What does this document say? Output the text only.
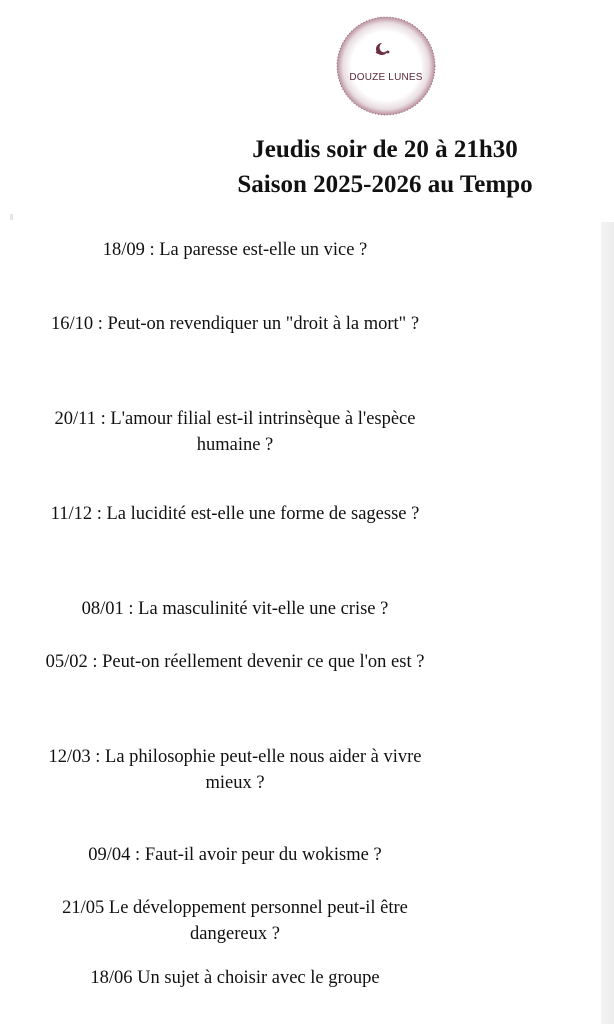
DOUZE LUNES
Jeudis soir de 20 à 21h30
Saison 2025-2026 au Tempo
18/09 : La paresse est-elle un vice ?
16/10 : Peut-on revendiquer un "droit à la mort" ?
20/11 : L'amour filial est-il intrinsèque à l'espèce humaine ?
11/12 : La lucidité est-elle une forme de sagesse ?
08/01 : La masculinité vit-elle une crise ?
05/02 : Peut-on réellement devenir ce que l'on est ?
12/03 : La philosophie peut-elle nous aider à vivre mieux ?
09/04 : Faut-il avoir peur du wokisme ?
21/05 Le développement personnel peut-il être dangereux ?
18/06 Un sujet à choisir avec le groupe
